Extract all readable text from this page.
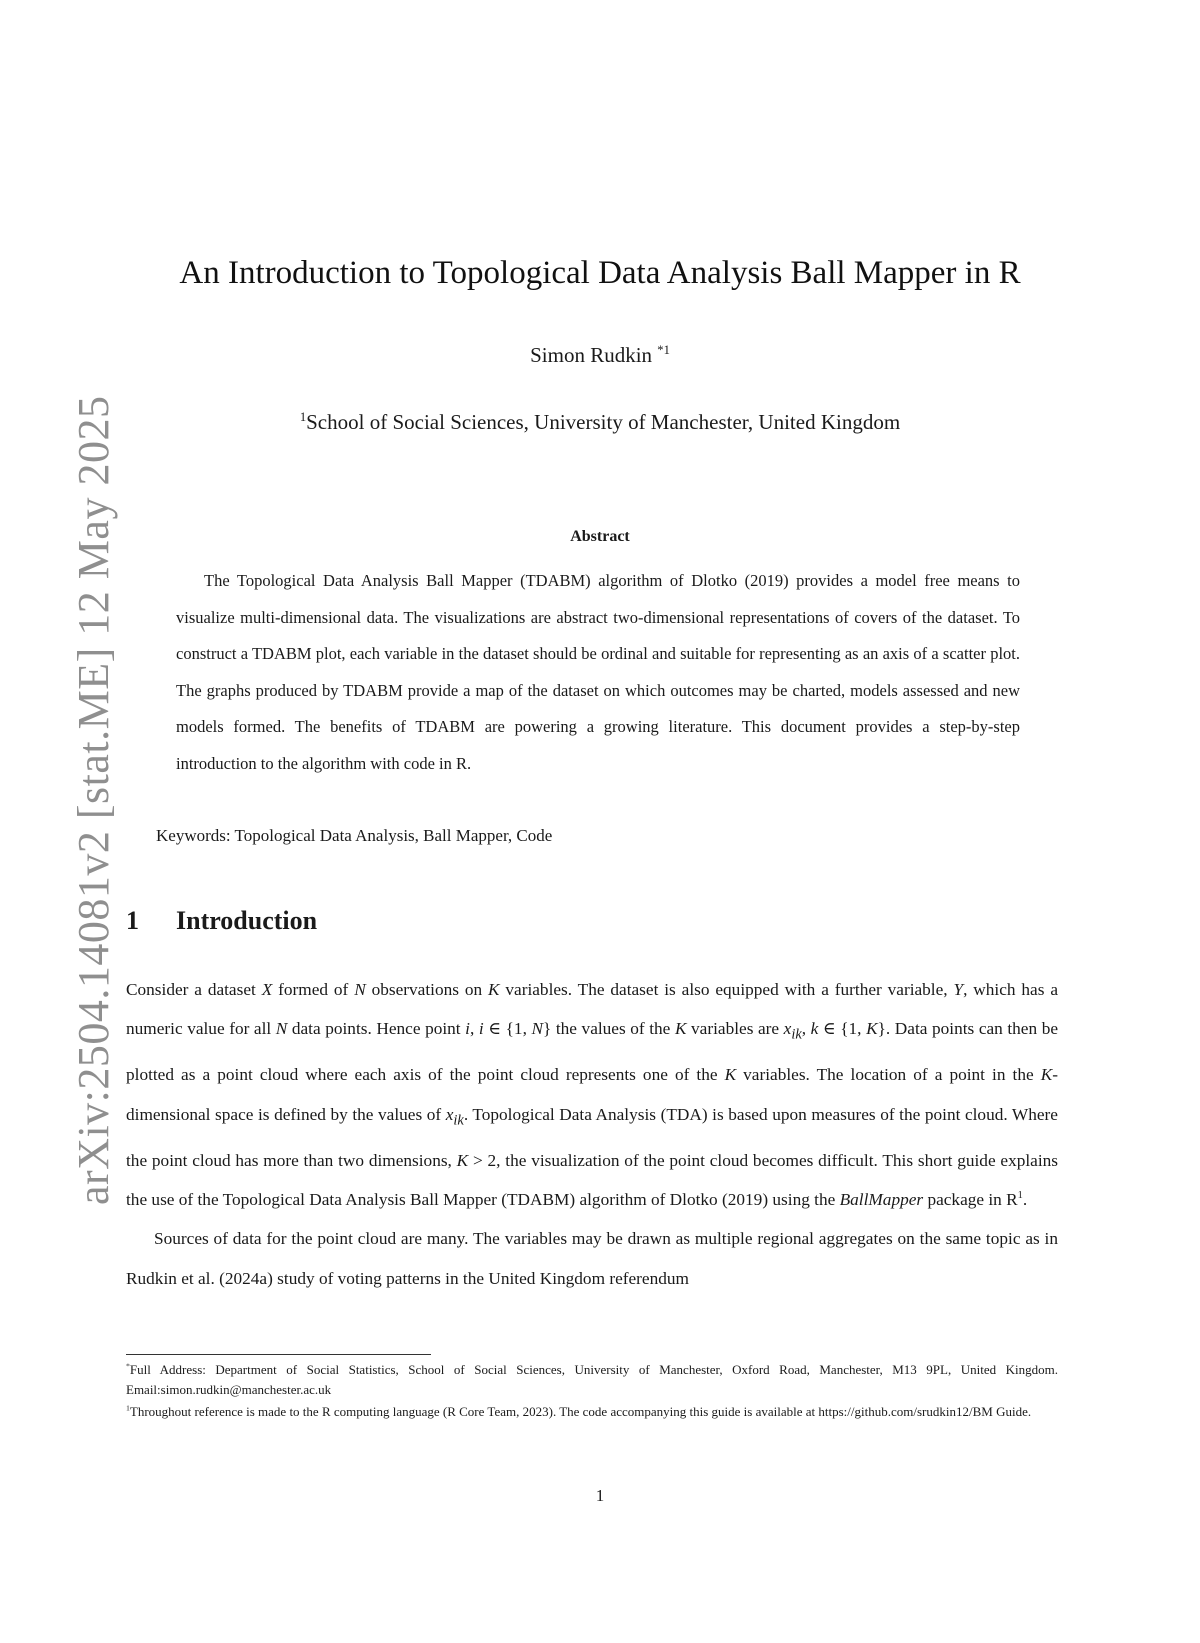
arXiv:2504.14081v2 [stat.ME] 12 May 2025
An Introduction to Topological Data Analysis Ball Mapper in R
Simon Rudkin $^{*1}$
$^1$School of Social Sciences, University of Manchester, United Kingdom
Abstract
The Topological Data Analysis Ball Mapper (TDABM) algorithm of Dlotko (2019) provides a model free means to visualize multi-dimensional data. The visualizations are abstract two-dimensional representations of covers of the dataset. To construct a TDABM plot, each variable in the dataset should be ordinal and suitable for representing as an axis of a scatter plot. The graphs produced by TDABM provide a map of the dataset on which outcomes may be charted, models assessed and new models formed. The benefits of TDABM are powering a growing literature. This document provides a step-by-step introduction to the algorithm with code in R.
Keywords: Topological Data Analysis, Ball Mapper, Code
1 Introduction

Consider a dataset X formed of N observations on K variables. The dataset is also equipped with a further variable, Y, which has a numeric value for all N data points. Hence point i, i ∈ {1, N} the values of the K variables are $x_{ik}$, k ∈ {1, K}. Data points can then be plotted as a point cloud where each axis of the point cloud represents one of the K variables. The location of a point in the K-dimensional space is defined by the values of $x_{ik}$. Topological Data Analysis (TDA) is based upon measures of the point cloud. Where the point cloud has more than two dimensions, K > 2, the visualization of the point cloud becomes difficult. This short guide explains the use of the Topological Data Analysis Ball Mapper (TDABM) algorithm of Dlotko (2019) using the BallMapper package in $R^1$.

Sources of data for the point cloud are many. The variables may be drawn as multiple regional aggregates on the same topic as in Rudkin et al. (2024a) study of voting patterns in the United Kingdom referendum

*Full Address: Department of Social Statistics, School of Social Sciences, University of Manchester, Oxford Road, Manchester, M13 9PL, United Kingdom. Email:simon.rudkin@manchester.ac.uk

$^1$Throughout reference is made to the R computing language (R Core Team, 2023). The code accompanying this guide is available at https://github.com/srudkin12/BM Guide.

1
